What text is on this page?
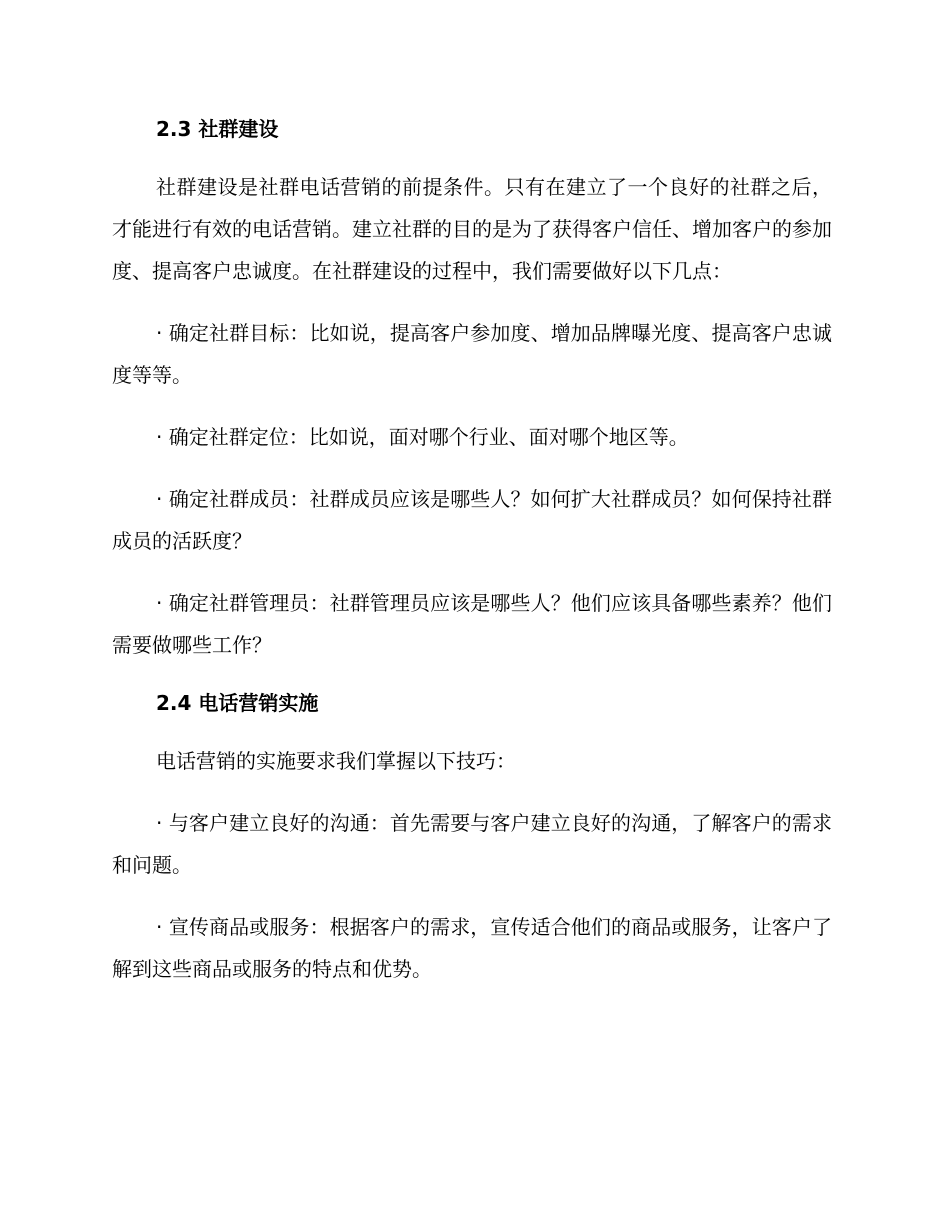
2.3 社群建设

社群建设是社群电话营销的前提条件。只有在建立了一个良好的社群之后，才能进行有效的电话营销。建立社群的目的是为了获得客户信任、增加客户的参加度、提高客户忠诚度。在社群建设的过程中，我们需要做好以下几点：

· 确定社群目标：比如说，提高客户参加度、增加品牌曝光度、提高客户忠诚度等等。

· 确定社群定位：比如说，面对哪个行业、面对哪个地区等。

· 确定社群成员：社群成员应该是哪些人？如何扩大社群成员？如何保持社群成员的活跃度？

· 确定社群管理员：社群管理员应该是哪些人？他们应该具备哪些素养？他们需要做哪些工作？

2.4 电话营销实施

电话营销的实施要求我们掌握以下技巧：

· 与客户建立良好的沟通：首先需要与客户建立良好的沟通，了解客户的需求和问题。

· 宣传商品或服务：根据客户的需求，宣传适合他们的商品或服务，让客户了解到这些商品或服务的特点和优势。
